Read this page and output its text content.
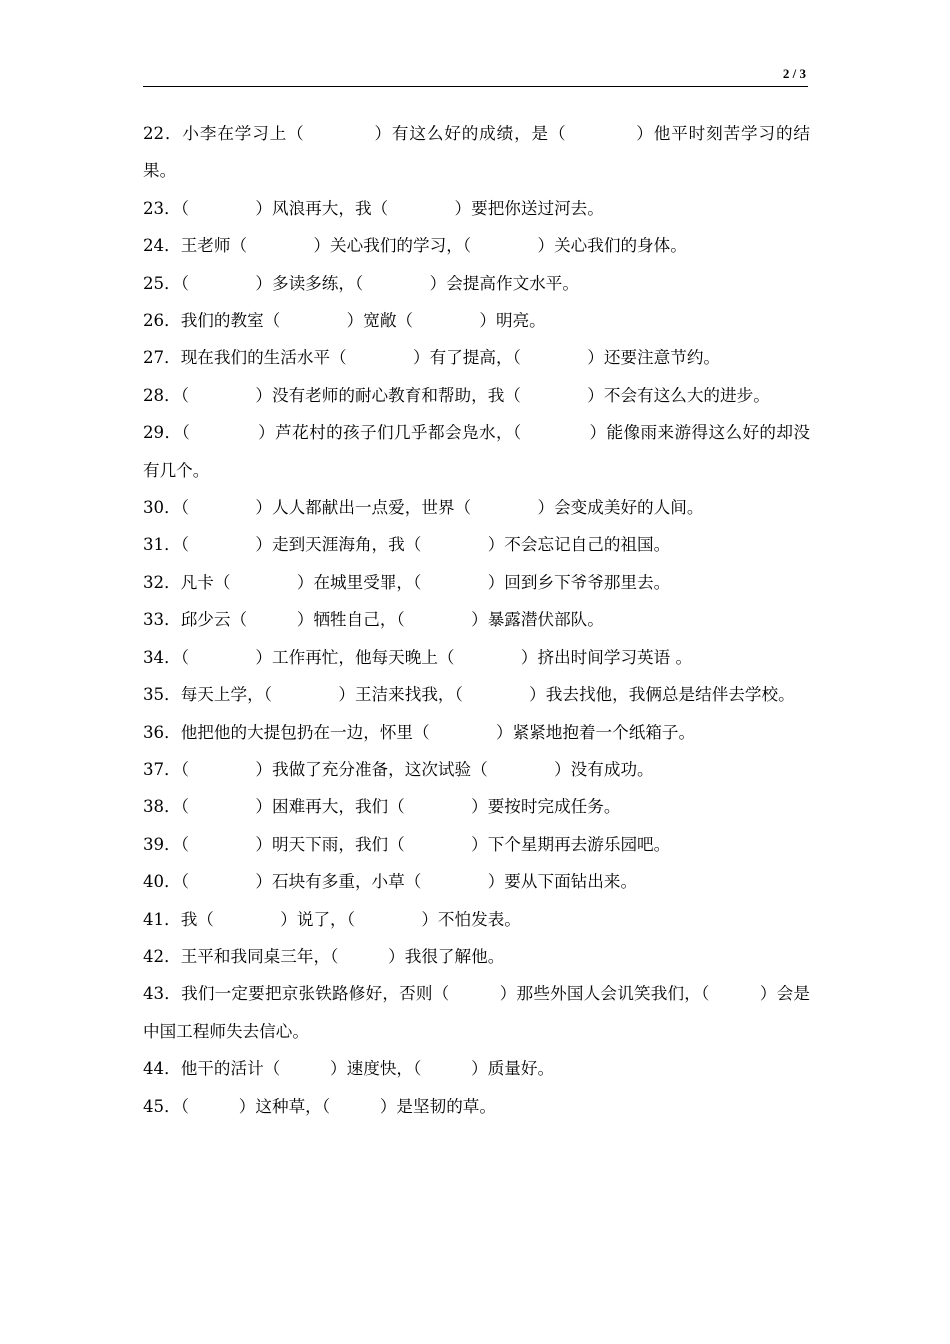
2 / 3
22．小李在学习上（　　　　）有这么好的成绩，是（　　　　）他平时刻苦学习的结果。
23．（　　　　）风浪再大，我（　　　　）要把你送过河去。
24．王老师（　　　　）关心我们的学习，（　　　　）关心我们的身体。
25．（　　　　）多读多练，（　　　　）会提高作文水平。
26．我们的教室（　　　　）宽敞（　　　　）明亮。
27．现在我们的生活水平（　　　　）有了提高，（　　　　）还要注意节约。
28．（　　　　）没有老师的耐心教育和帮助，我（　　　　）不会有这么大的进步。
29．（　　　　）芦花村的孩子们几乎都会凫水，（　　　　）能像雨来游得这么好的却没有几个。
30．（　　　　）人人都献出一点爱，世界（　　　　）会变成美好的人间。
31．（　　　　）走到天涯海角，我（　　　　）不会忘记自己的祖国。
32．凡卡（　　　　）在城里受罪，（　　　　）回到乡下爷爷那里去。
33．邱少云（　　　）牺牲自己，（　　　　）暴露潜伏部队。
34．（　　　　）工作再忙，他每天晚上（　　　　）挤出时间学习英语 。
35．每天上学，（　　　　）王洁来找我，（　　　　）我去找他，我俩总是结伴去学校。
36．他把他的大提包扔在一边，怀里（　　　　）紧紧地抱着一个纸箱子。
37．（　　　　）我做了充分准备，这次试验（　　　　）没有成功。
38．（　　　　）困难再大，我们（　　　　）要按时完成任务。
39．（　　　　）明天下雨，我们（　　　　）下个星期再去游乐园吧。
40．（　　　　）石块有多重，小草（　　　　）要从下面钻出来。
41．我（　　　　）说了，（　　　　）不怕发表。
42．王平和我同桌三年，（　　　）我很了解他。
43．我们一定要把京张铁路修好，否则（　　　）那些外国人会讥笑我们，（　　　）会是中国工程师失去信心。
44．他干的活计（　　　）速度快，（　　　）质量好。
45．（　　　）这种草，（　　　）是坚韧的草。
